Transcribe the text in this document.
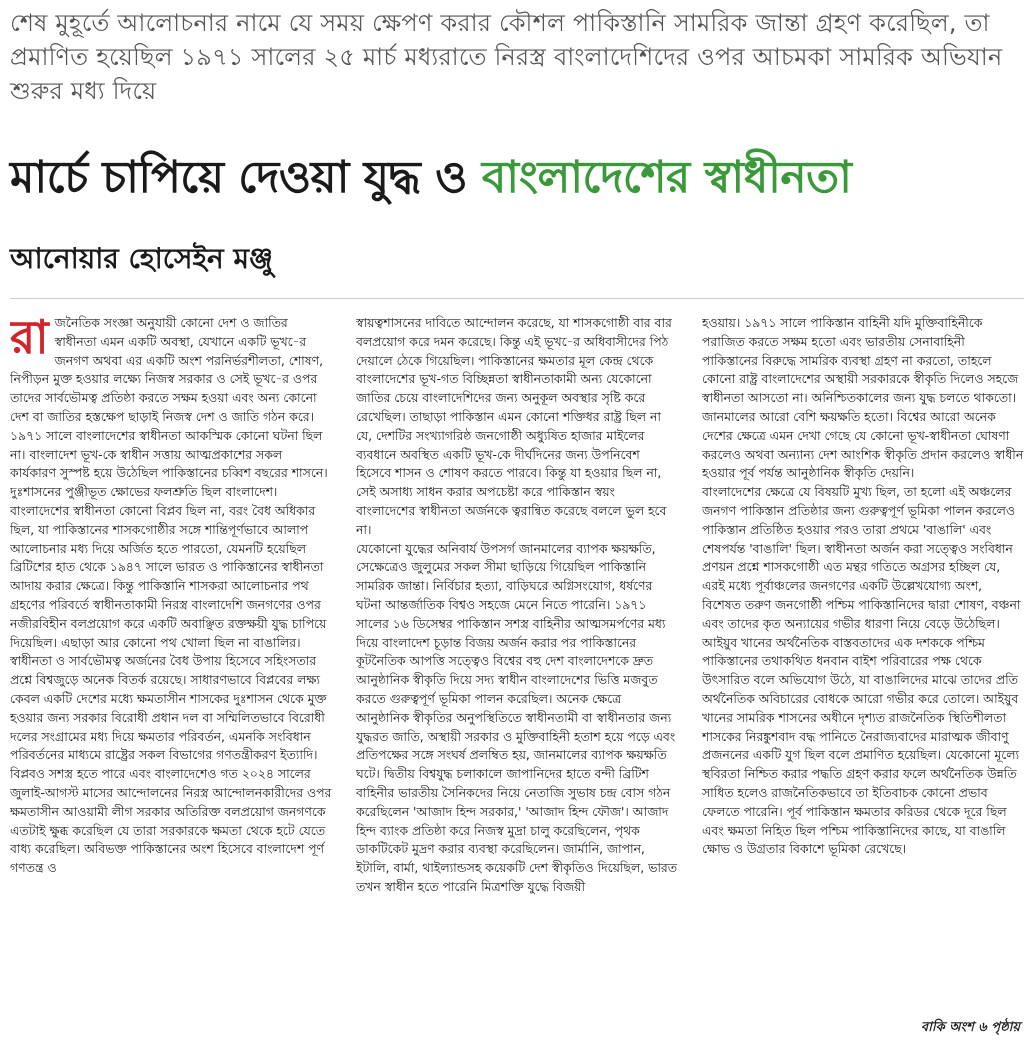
শেষ মুহূর্তে আলোচনার নামে যে সময় ক্ষেপণ করার কৌশল পাকিস্তানি সামরিক জান্তা গ্রহণ করেছিল, তা প্রমাণিত হয়েছিল ১৯৭১ সালের ২৫ মার্চ মধ্যরাতে নিরস্ত্র বাংলাদেশিদের ওপর আচমকা সামরিক অভিযান শুরুর মধ্য দিয়ে

মার্চে চাপিয়ে দেওয়া যুদ্ধ ও বাংলাদেশের স্বাধীনতা

আনোয়ার হোসেইন মঞ্জু

রা জনৈতিক সংজ্ঞা অনুযায়ী কোনো দেশ ও জাতির স্বাধীনতা এমন একটি অবস্থা, যেখানে একটি ভূখ-ের জনগণ অথবা এর একটি অংশ পরনির্ভরশীলতা, শোষণ, নিপীড়ন মুক্ত হওয়ার লক্ষ্যে নিজস্ব সরকার ও সেই ভূখ-ের ওপর তাদের সার্বভৌমত্ব প্রতিষ্ঠা করতে সক্ষম হওয়া এবং অন্য কোনো দেশ বা জাতির হস্তক্ষেপ ছাড়াই নিজস্ব দেশ ও জাতি গঠন করে। ১৯৭১ সালে বাংলাদেশের স্বাধীনতা আকস্মিক কোনো ঘটনা ছিল না। বাংলাদেশ ভূখ-কে স্বাধীন সত্তায় আত্মপ্রকাশের সকল কার্যকারণ সুস্পষ্ট হয়ে উঠেছিল পাকিস্তানের চব্বিশ বছরের শাসনে। দুঃশাসনের পুঞ্জীভূত ক্ষোভের ফলশ্রুতি ছিল বাংলাদেশ।

বাংলাদেশের স্বাধীনতা কোনো বিপ্লব ছিল না, বরং বৈধ অধিকার ছিল, যা পাকিস্তানের শাসকগোষ্ঠীর সঙ্গে শান্তিপূর্ণভাবে আলাপ আলোচনার মধ্য দিয়ে অর্জিত হতে পারতো, যেমনটি হয়েছিল ব্রিটিশের হাত থেকে ১৯৪৭ সালে ভারত ও পাকিস্তানের স্বাধীনতা আদায় করার ক্ষেত্রে। কিন্তু পাকিস্তানি শাসকরা আলোচনার পথ গ্রহণের পরিবর্তে স্বাধীনতাকামী নিরস্ত্র বাংলাদেশি জনগণের ওপর নজীরবিহীন বলপ্রয়োগ করে একটি অবাঞ্ছিত রক্তক্ষয়ী যুদ্ধ চাপিয়ে দিয়েছিল। এছাড়া আর কোনো পথ খোলা ছিল না বাঙালির।

স্বাধীনতা ও সার্বভৌমত্ব অর্জনের বৈধ উপায় হিসেবে সহিংসতার প্রশ্নে বিশ্বজুড়ে অনেক বিতর্ক রয়েছে। সাধারণভাবে বিপ্লবের লক্ষ্য কেবল একটি দেশের মধ্যে ক্ষমতাসীন শাসকের দুঃশাসন থেকে মুক্ত হওয়ার জন্য সরকার বিরোধী প্রধান দল বা সম্মিলিতভাবে বিরোধী দলের সংগ্রামের মধ্য দিয়ে ক্ষমতার পরিবর্তন, এমনকি সংবিধান পরিবর্তনের মাধ্যমে রাষ্ট্রের সকল বিভাগের গণতন্ত্রীকরণ ইত্যাদি। বিপ্লবও সশস্ত্র হতে পারে এবং বাংলাদেশেও গত ২০২৪ সালের জুলাই-আগস্ট মাসের আন্দোলনের নিরস্ত্র আন্দোলনকারীদের ওপর ক্ষমতাসীন আওয়ামী লীগ সরকার অতিরিক্ত বলপ্রয়োগ জনগণকে এতটাই ক্ষুব্ধ করেছিল যে তারা সরকারকে ক্ষমতা থেকে হটে যেতে বাধ্য করেছিল। অবিভক্ত পাকিস্তানের অংশ হিসেবে বাংলাদেশ পূর্ণ গণতন্ত্র ও

স্বায়ত্বশাসনের দাবিতে আন্দোলন করেছে, যা শাসকগোষ্ঠী বার বার বলপ্রয়োগ করে দমন করেছে। কিন্তু এই ভূখ-ের অধিবাসীদের পিঠ দেয়ালে ঠেকে গিয়েছিল। পাকিস্তানের ক্ষমতার মূল কেন্দ্র থেকে বাংলাদেশের ভূখ-গত বিচ্ছিন্নতা স্বাধীনতাকামী অন্য যেকোনো জাতির চেয়ে বাংলাদেশিদের জন্য অনুকূল অবস্থার সৃষ্টি করে রেখেছিল। তাছাড়া পাকিস্তান এমন কোনো শক্তিধর রাষ্ট্র ছিল না যে, দেশটির সংখ্যাগরিষ্ঠ জনগোষ্ঠী অধ্যুষিত হাজার মাইলের ব্যবধানে অবস্থিত একটি ভূখ-কে দীর্ঘদিনের জন্য উপনিবেশ হিসেবে শাসন ও শোষণ করতে পারবে। কিন্তু যা হওয়ার ছিল না, সেই অসাধ্য সাধন করার অপচেষ্টা করে পাকিস্তান স্বয়ং বাংলাদেশের স্বাধীনতা অর্জনকে ত্বরান্বিত করেছে বললে ভুল হবে না।

যেকোনো যুদ্ধের অনিবার্য উপসর্গ জানমালের ব্যাপক ক্ষয়ক্ষতি, সেক্ষেত্রেও জুলুমের সকল সীমা ছাড়িয়ে গিয়েছিল পাকিস্তানি সামরিক জান্তা। নির্বিচার হত্যা, বাড়িঘরে অগ্নিসংযোগ, ধর্ষণের ঘটনা আন্তর্জাতিক বিশ্বও সহজে মেনে নিতে পারেনি। ১৯৭১ সালের ১৬ ডিসেম্বর পাকিস্তান সশস্ত্র বাহিনীর আত্মসমর্পণের মধ্য দিয়ে বাংলাদেশ চূড়ান্ত বিজয় অর্জন করার পর পাকিস্তানের কূটনৈতিক আপত্তি সত্ত্বেও বিশ্বের বহু দেশ বাংলাদেশকে দ্রুত আনুষ্ঠানিক স্বীকৃতি দিয়ে সদ্য স্বাধীন বাংলাদেশের ভিত্তি মজবুত করতে গুরুত্বপূর্ণ ভূমিকা পালন করেছিল। অনেক ক্ষেত্রে আনুষ্ঠানিক স্বীকৃতির অনুপস্থিতিতে স্বাধীনতামী বা স্বাধীনতার জন্য যুদ্ধরত জাতি, অস্থায়ী সরকার ও মুক্তিবাহিনী হতাশ হয়ে পড়ে এবং প্রতিপক্ষের সঙ্গে সংঘর্ষ প্রলম্বিত হয়, জানমালের ব্যাপক ক্ষয়ক্ষতি ঘটে। দ্বিতীয় বিশ্বযুদ্ধ চলাকালে জাপানিদের হাতে বন্দী ব্রিটিশ বাহিনীর ভারতীয় সৈনিকদের নিয়ে নেতাজি সুভাষ চন্দ্র বোস গঠন করেছিলেন 'আজাদ হিন্দ সরকার,' 'আজাদ হিন্দ ফৌজ'। আজাদ হিন্দ ব্যাংক প্রতিষ্ঠা করে নিজস্ব মুদ্রা চালু করেছিলেন, পৃথক ডাকটিকেট মুদ্রণ করার ব্যবস্থা করেছিলেন। জার্মানি, জাপান, ইটালি, বার্মা, থাইল্যান্ডসহ কয়েকটি দেশ স্বীকৃতিও দিয়েছিল, ভারত তখন স্বাধীন হতে পারেনি মিত্রশক্তি যুদ্ধে বিজয়ী

হওয়ায়। ১৯৭১ সালে পাকিস্তান বাহিনী যদি মুক্তিবাহিনীকে পরাজিত করতে সক্ষম হতো এবং ভারতীয় সেনাবাহিনী পাকিস্তানের বিরুদ্ধে সামরিক ব্যবস্থা গ্রহণ না করতো, তাহলে কোনো রাষ্ট্র বাংলাদেশের অস্থায়ী সরকারকে স্বীকৃতি দিলেও সহজে স্বাধীনতা আসতো না। অনিশ্চিতকালের জন্য যুদ্ধ চলতে থাকতো। জানমালের আরো বেশি ক্ষয়ক্ষতি হতো। বিশ্বের আরো অনেক দেশের ক্ষেত্রে এমন দেখা গেছে যে কোনো ভূখ-স্বাধীনতা ঘোষণা করলেও অথবা অন্যান্য দেশ আংশিক স্বীকৃতি প্রদান করলেও স্বাধীন হওয়ার পূর্ব পর্যন্ত আনুষ্ঠানিক স্বীকৃতি দেয়নি।

বাংলাদেশের ক্ষেত্রে যে বিষয়টি মুখ্য ছিল, তা হলো এই অঞ্চলের জনগণ পাকিস্তান প্রতিষ্ঠার জন্য গুরুত্বপূর্ণ ভূমিকা পালন করলেও পাকিস্তান প্রতিষ্ঠিত হওয়ার পরও তারা প্রথমে 'বাঙালি' এবং শেষপর্যন্ত 'বাঙালি' ছিল। স্বাধীনতা অর্জন করা সত্ত্বেও সংবিধান প্রণয়ন প্রশ্নে শাসকগোষ্ঠী এত মন্থর গতিতে অগ্রসর হচ্ছিল যে, এরই মধ্যে পূর্বাঞ্চলের জনগণের একটি উল্লেখযোগ্য অংশ, বিশেষত তরুণ জনগোষ্ঠী পশ্চিম পাকিস্তানিদের দ্বারা শোষণ, বঞ্চনা এবং তাদের কৃত অন্যায়ের গভীর ধারণা নিয়ে বেড়ে উঠেছিল। আইয়ুব খানের অর্থনৈতিক বাস্তবতাদের এক দশককে পশ্চিম পাকিস্তানের তথাকথিত ধনবান বাইশ পরিবারের পক্ষ থেকে উৎসারিত বলে অভিযোগ উঠে, যা বাঙালিদের মাঝে তাদের প্রতি অর্থনৈতিক অবিচারের বোধকে আরো গভীর করে তোলে। আইয়ুব খানের সামরিক শাসনের অধীনে দৃশ্যত রাজনৈতিক স্থিতিশীলতা শাসকের নিরঙ্কুশবাদ বদ্ধ পানিতে নৈরাজ্যবাদের মারাত্মক জীবাণু প্রজননের একটি যুগ ছিল বলে প্রমাণিত হয়েছিল। যেকোনো মূল্যে স্থবিরতা নিশ্চিত করার পদ্ধতি গ্রহণ করার ফলে অর্থনৈতিক উন্নতি সাধিত হলেও রাজনৈতিকভাবে তা ইতিবাচক কোনো প্রভাব ফেলতে পারেনি। পূর্ব পাকিস্তান ক্ষমতার করিডর থেকে দূরে ছিল এবং ক্ষমতা নিহিত ছিল পশ্চিম পাকিস্তানিদের কাছে, যা বাঙালি ক্ষোভ ও উগ্রতার বিকাশে ভূমিকা রেখেছে।

বাকি অংশ ৬ পৃষ্ঠায়
